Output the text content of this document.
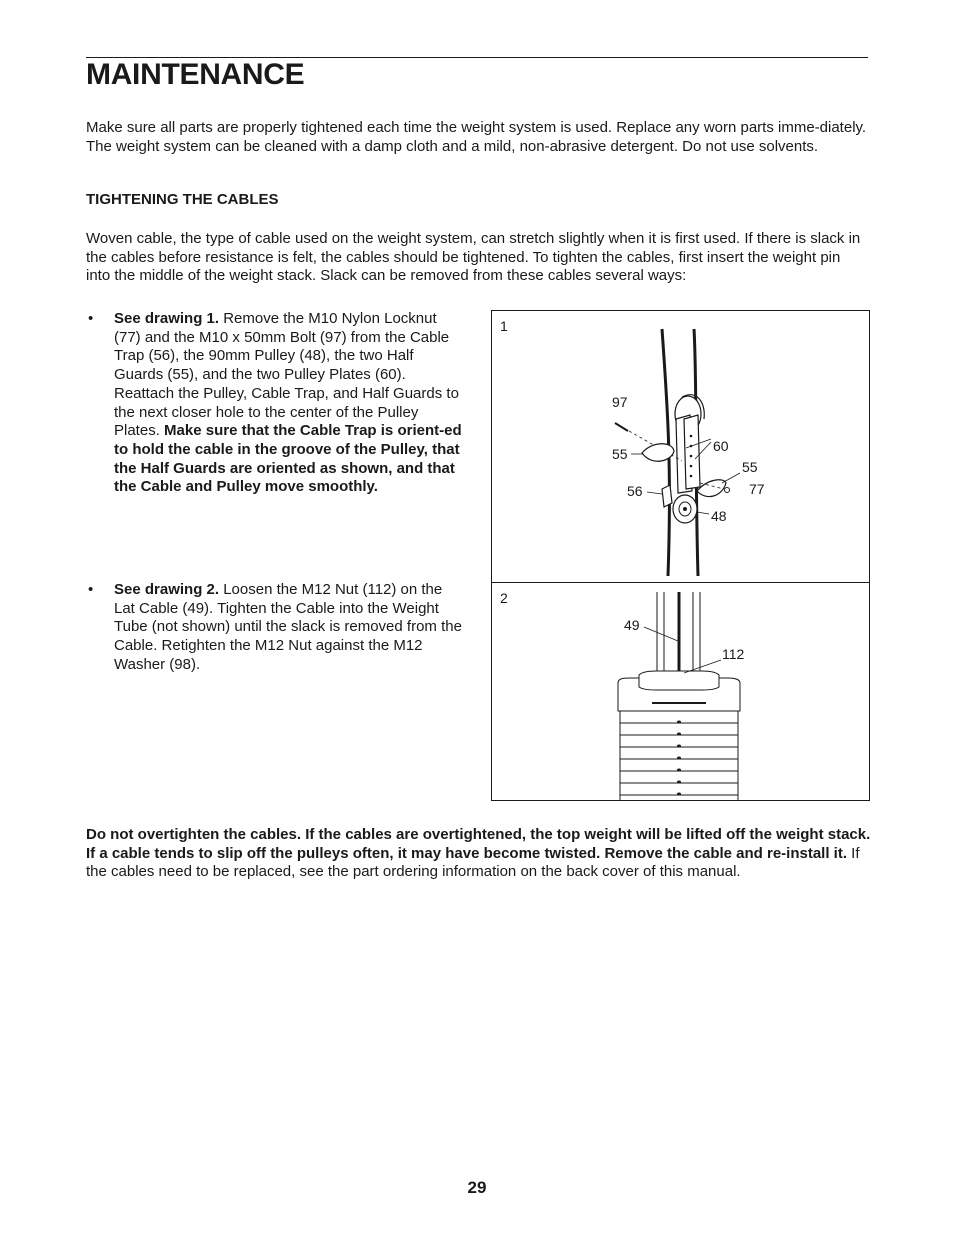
MAINTENANCE

Make sure all parts are properly tightened each time the weight system is used. Replace any worn parts imme-diately. The weight system can be cleaned with a damp cloth and a mild, non-abrasive detergent. Do not use solvents.

TIGHTENING THE CABLES

Woven cable, the type of cable used on the weight system, can stretch slightly when it is first used. If there is slack in the cables before resistance is felt, the cables should be tightened. To tighten the cables, first insert the weight pin into the middle of the weight stack. Slack can be removed from these cables several ways:

• See drawing 1. Remove the M10 Nylon Locknut (77) and the M10 x 50mm Bolt (97) from the Cable Trap (56), the 90mm Pulley (48), the two Half Guards (55), and the two Pulley Plates (60). Reattach the Pulley, Cable Trap, and Half Guards to the next closer hole to the center of the Pulley Plates. Make sure that the Cable Trap is orient-ed to hold the cable in the groove of the Pulley, that the Half Guards are oriented as shown, and that the Cable and Pulley move smoothly.

• See drawing 2. Loosen the M12 Nut (112) on the Lat Cable (49). Tighten the Cable into the Weight Tube (not shown) until the slack is removed from the Cable. Retighten the M12 Nut against the M12 Washer (98).

1
97
55	60
55
77
56
48
2
49
112

Do not overtighten the cables. If the cables are overtightened, the top weight will be lifted off the weight stack. If a cable tends to slip off the pulleys often, it may have become twisted. Remove the cable and re-install it. If the cables need to be replaced, see the part ordering information on the back cover of this manual.

29
